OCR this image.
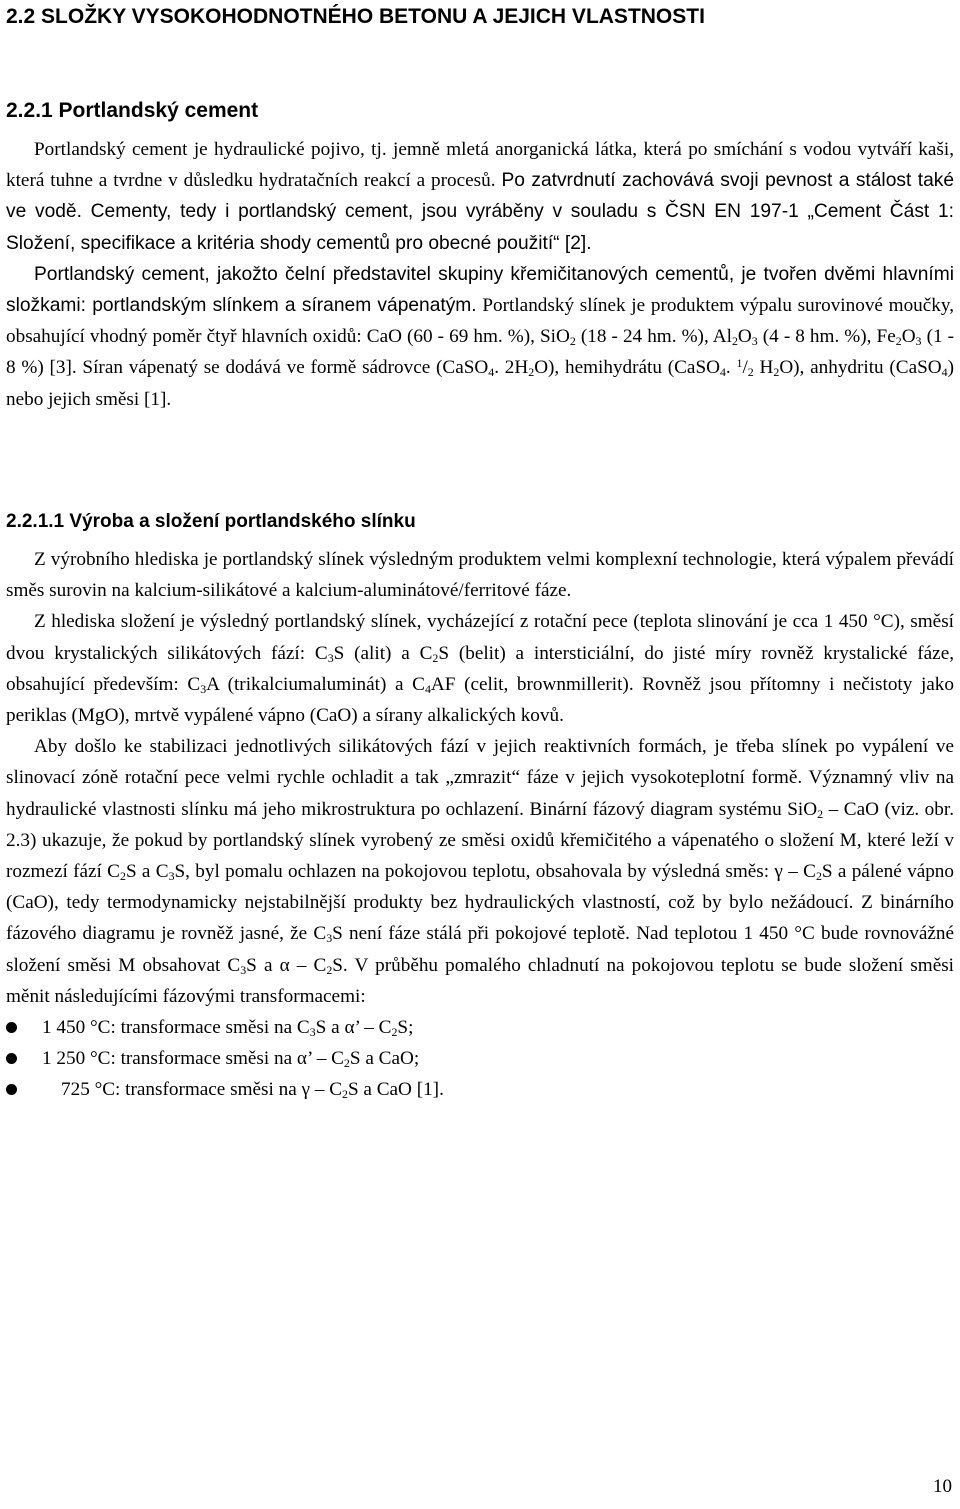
2.2 SLOŽKY VYSOKOHODNOTNÉHO BETONU A JEJICH VLASTNOSTI
2.2.1 Portlandský cement

Portlandský cement je hydraulické pojivo, tj. jemně mletá anorganická látka, která po smíchání s vodou vytváří kaši, která tuhne a tvrdne v důsledku hydratačních reakcí a procesů. Po zatvrdnutí zachovává svoji pevnost a stálost také ve vodě. Cementy, tedy i portlandský cement, jsou vyráběny v souladu s ČSN EN 197-1 „Cement Část 1: Složení, specifikace a kritéria shody cementů pro obecné použití“ [2].

Portlandský cement, jakožto čelní představitel skupiny křemičitanových cementů, je tvořen dvěmi hlavními složkami: portlandským slínkem a síranem vápenatým. Portlandský slínek je produktem výpalu surovinové moučky, obsahující vhodný poměr čtyř hlavních oxidů: CaO (60 - 69 hm. %), SiO$_2$ (18 - 24 hm. %), $Al_2O_3$ (4 - 8 hm. %), $Fe_2O_3$ (1 - 8 %) [3]. Síran vápenatý se dodává ve formě sádrovce (CaSO$_4$. $2H_2O$), hemihydrátu (CaSO$_4$. $^1/_2$ $H_2O$), anhydritu (CaSO$_4$) nebo jejich směsi [1].

2.2.1.1 Výroba a složení portlandského slínku

Z výrobního hlediska je portlandský slínek výsledným produktem velmi komplexní technologie, která výpalem převádí směs surovin na kalcium-silikátové a kalcium-aluminátové/ferritové fáze.

Z hlediska složení je výsledný portlandský slínek, vycházející z rotační pece (teplota slinování je cca 1 450 °C), směsí dvou krystalických silikátových fází: $C_3S$ (alit) a $C_2S$ (belit) a intersticiální, do jisté míry rovněž krystalické fáze, obsahující především: $C_3A$ (trikalciumaluminát) a $C_4AF$ (celit, brownmillerit). Rovněž jsou přítomny i nečistoty jako periklas (MgO), mrtvě vypálené vápno (CaO) a sírany alkalických kovů.

Aby došlo ke stabilizaci jednotlivých silikátových fází v jejich reaktivních formách, je třeba slínek po vypálení ve slinovací zóně rotační pece velmi rychle ochladit a tak „zmrazit“ fáze v jejich vysokoteplotní formě. Významný vliv na hydraulické vlastnosti slínku má jeho mikrostruktura po ochlazení. Binární fázový diagram systému SiO$_2$ – CaO (viz. obr. 2.3) ukazuje, že pokud by portlandský slínek vyrobený ze směsi oxidů křemičitého a vápenatého o složení M, které leží v rozmezí fází $C_2S$ a $C_3S$, byl pomalu ochlazen na pokojovou teplotu, obsahovala by výsledná směs: γ – $C_2S$ a pálené vápno (CaO), tedy termodynamicky nejstabilnější produkty bez hydraulických vlastností, což by bylo nežádoucí. Z binárního fázového diagramu je rovněž jasné, že $C_3S$ není fáze stálá při pokojové teplotě. Nad teplotou 1 450 °C bude rovnovážné složení směsi M obsahovat $C_3S$ a α – $C_2S$. V průběhu pomalého chladnutí na pokojovou teplotu se bude složení směsi měnit následujícími fázovými transformacemi:

1 450 °C: transformace směsi na $C_3S$ a α’ – $C_2S$;
1 250 °C: transformace směsi na α’ – $C_2S$ a CaO;
725 °C: transformace směsi na γ – $C_2S$ a CaO [1].
10
